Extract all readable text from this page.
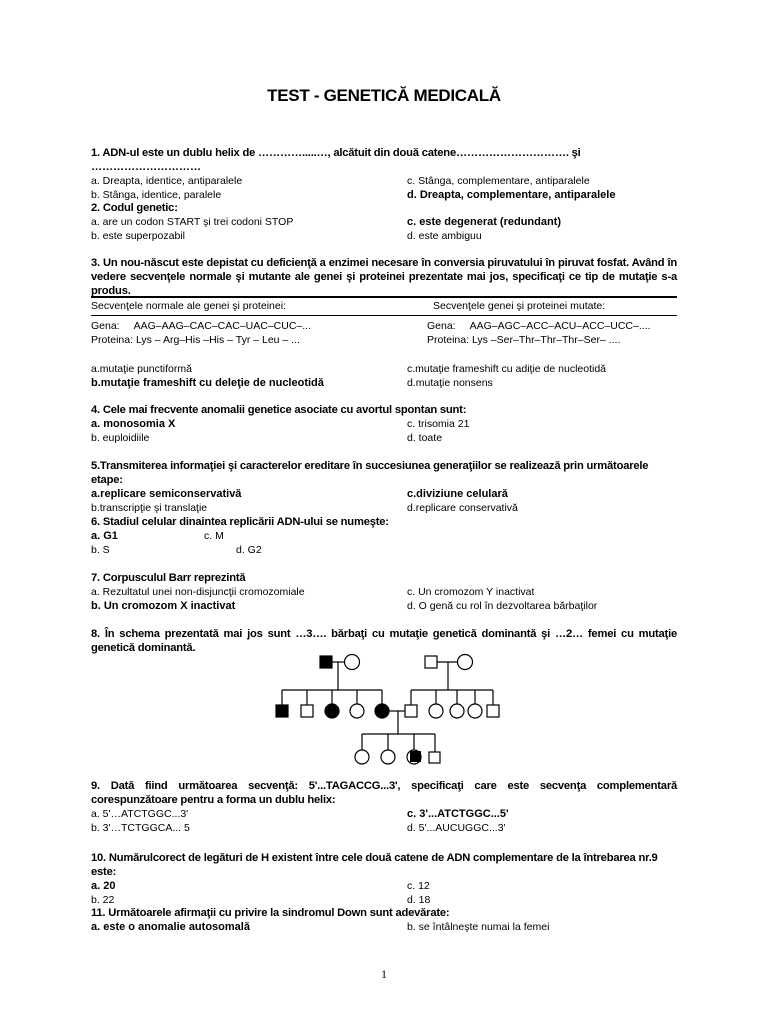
TEST - GENETICĂ MEDICALĂ
1. ADN-ul este un dublu helix de ………….....…, alcătuit din două catene…………………………. şi …………………………
a. Dreapta, identice, antiparalele	c. Stânga, complementare, antiparalele
b. Stânga, identice, paralele	d. Dreapta, complementare, antiparalele
2. Codul genetic:
a. are un codon START şi trei codoni STOP	c. este degenerat (redundant)
b. este superpozabil	d. este ambiguu
3. Un nou-născut este depistat cu deficienţă a enzimei necesare în conversia piruvatului în piruvat fosfat. Având în vedere secvenţele normale şi mutante ale genei şi proteinei prezentate mai jos, specificaţi ce tip de mutaţie s-a produs.
Secvenţele normale ale genei şi proteinei:	Secvenţele genei şi proteinei mutate:
Gena:     AAG–AAG–CAC–CAC–UAC–CUC–...	Gena:     AAG–AGC–ACC–ACU–ACC–UCC–....
Proteina: Lys – Arg–His –His – Tyr – Leu – ...	Proteina: Lys –Ser–Thr–Thr–Thr–Ser– ....
a.mutaţie punctiformă	c.mutaţie frameshift cu adiţie de nucleotidă
b.mutaţie frameshift cu deleţie de nucleotidă	d.mutaţie nonsens
4. Cele mai frecvente anomalii genetice asociate cu avortul spontan sunt:
a. monosomia X	c. trisomia 21
b. euploidiile	d. toate
5.Transmiterea informaţiei şi caracterelor ereditare în succesiunea generaţiilor se realizează prin următoarele etape:
a.replicare semiconservativă	c.diviziune celulară
b.transcripţie şi translaţie	d.replicare conservativă
6. Stadiul celular dinaintea replicării ADN-ului se numeşte:
a. G1	c. M
b. S	d. G2
7. Corpusculul Barr reprezintă
a. Rezultatul unei non-disjuncţii cromozomiale	c. Un cromozom Y inactivat
b. Un cromozom X inactivat	d. O genă cu rol în dezvoltarea bărbaţilor
8. În schema prezentată mai jos sunt …3…. bărbaţi cu mutaţie genetică dominantă şi …2… femei cu mutaţie genetică dominantă.
9. Dată fiind următoarea secvenţă: 5'...TAGACCG...3', specificaţi care este secvenţa complementară corespunzătoare pentru a forma un dublu helix:
a. 5'…ATCTGGC...3'	c. 3'...ATCTGGC...5'
b. 3'…TCTGGCA... 5	d. 5'...AUCUGGC...3'
10. Numărulcorect de legături de H existent între cele două catene de ADN complementare de la întrebarea nr.9 este:
a. 20	c. 12
b. 22	d. 18
11. Următoarele afirmaţii cu privire la sindromul Down sunt adevărate:
a. este o anomalie autosomală	b. se întâlneşte numai la femei
1
